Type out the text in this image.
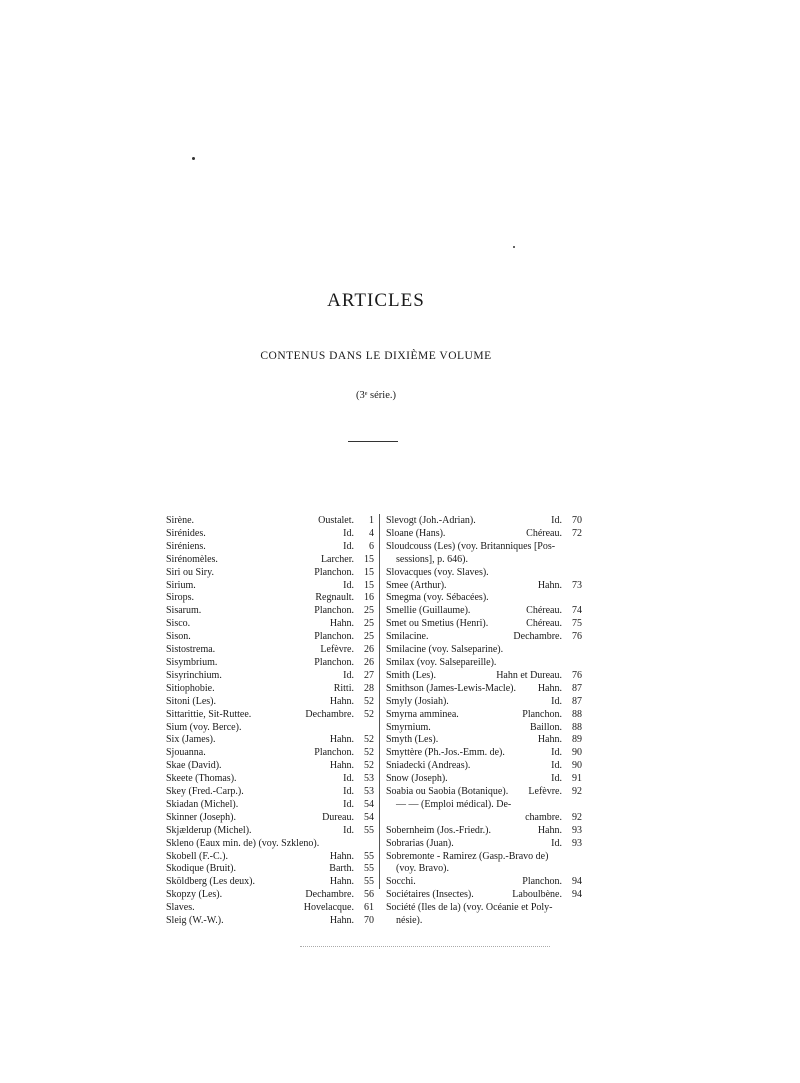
ARTICLES
CONTENUS DANS LE DIXIÈME VOLUME
(3ᵉ série.)
Sirène.	Oustalet.	1
Sirénides.	Id.	4
Siréniens.	Id.	6
Sirénomèles.	Larcher.	15
Siri ou Siry.	Planchon.	15
Sirium.	Id.	15
Sirops.	Regnault.	16
Sisarum.	Planchon.	25
Sisco.	Hahn.	25
Sison.	Planchon.	25
Sistostrema.	Lefèvre.	26
Sisymbrium.	Planchon.	26
Sisyrinchium.	Id.	27
Sitiophobie.	Ritti.	28
Sitoni (Les).	Hahn.	52
Sittarittie, Sit-Ruttee.	Dechambre.	52
Sium (voy. Berce).
Six (James).	Hahn.	52
Sjouanna.	Planchon.	52
Skae (David).	Hahn.	52
Skeete (Thomas).	Id.	53
Skey (Fred.-Carp.).	Id.	53
Skiadan (Michel).	Id.	54
Skinner (Joseph).	Dureau.	54
Skjælderup (Michel).	Id.	55
Skleno (Eaux min. de) (voy. Szkleno).
Skobell (F.-C.).	Hahn.	55
Skodique (Bruit).	Barth.	55
Sköldberg (Les deux).	Hahn.	55
Skopzy (Les).	Dechambre.	56
Slaves.	Hovelacque.	61
Sleig (W.-W.).	Hahn.	70
Slevogt (Joh.-Adrian).	Id.	70
Sloane (Hans).	Chéreau.	72
Sloudcouss (Les) (voy. Britanniques [Pos-
sessions], p. 646).
Slovacques (voy. Slaves).
Smee (Arthur).	Hahn.	73
Smegma (voy. Sébacées).
Smellie (Guillaume).	Chéreau.	74
Smet ou Smetius (Henri).	Chéreau.	75
Smilacine.	Dechambre.	76
Smilacine (voy. Salseparine).
Smilax (voy. Salsepareille).
Smith (Les).	Hahn et Dureau.	76
Smithson (James-Lewis-Macle).	Hahn.	87
Smyly (Josiah).	Id.	87
Smyrna amminea.	Planchon.	88
Smyrnium.	Baillon.	88
Smyth (Les).	Hahn.	89
Smyttère (Ph.-Jos.-Emm. de).	Id.	90
Sniadecki (Andreas).	Id.	90
Snow (Joseph).	Id.	91
Soabia ou Saobia (Botanique).	Lefèvre.	92
— — (Emploi médical). De-
chambre.	92
Sobernheim (Jos.-Friedr.).	Hahn.	93
Sobrarias (Juan).	Id.	93
Sobremonte - Ramirez (Gasp.-Bravo de)
(voy. Bravo).
Socchi.	Planchon.	94
Sociétaires (Insectes).	Laboulbène.	94
Société (Iles de la) (voy. Océanie et Poly-
nésie).
